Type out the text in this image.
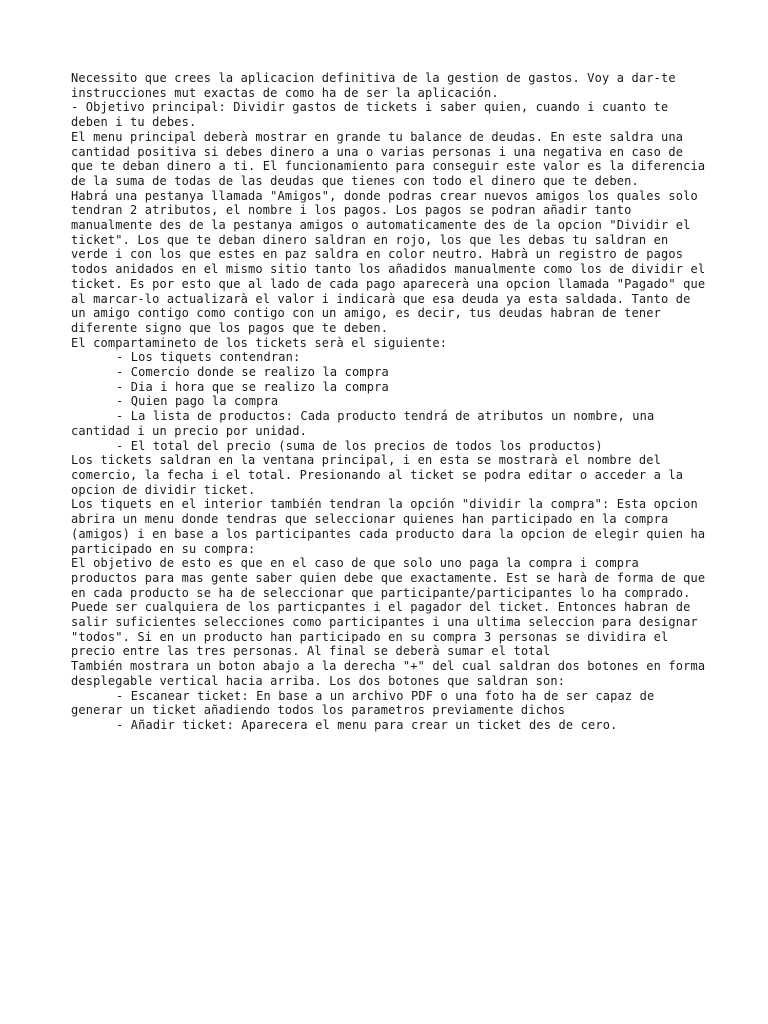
Necessito que crees la aplicacion definitiva de la gestion de gastos. Voy a dar-te instrucciones mut exactas de como ha de ser la aplicación.

- Objetivo principal: Dividir gastos de tickets i saber quien, cuando i cuanto te deben i tu debes.

El menu principal deberà mostrar en grande tu balance de deudas. En este saldra una cantidad positiva si debes dinero a una o varias personas i una negativa en caso de que te deban dinero a ti. El funcionamiento para conseguir este valor es la diferencia de la suma de todas de las deudas que tienes con todo el dinero que te deben.

Habrá una pestanya llamada "Amigos", donde podras crear nuevos amigos los quales solo tendran 2 atributos, el nombre i los pagos. Los pagos se podran añadir tanto manualmente des de la pestanya amigos o automaticamente des de la opcion "Dividir el ticket". Los que te deban dinero saldran en rojo, los que les debas tu saldran en verde i con los que estes en paz saldra en color neutro. Habrà un registro de pagos todos anidados en el mismo sitio tanto los añadidos manualmente como los de dividir el ticket. Es por esto que al lado de cada pago aparecerà una opcion llamada "Pagado" que al marcar-lo actualizarà el valor i indicarà que esa deuda ya esta saldada. Tanto de un amigo contigo como contigo con un amigo, es decir, tus deudas habran de tener diferente signo que los pagos que te deben.

El compartamineto de los tickets serà el siguiente:

- Los tiquets contendran:

- Comercio donde se realizo la compra

- Dia i hora que se realizo la compra

- Quien pago la compra

- La lista de productos: Cada producto tendrá de atributos un nombre, una cantidad i un precio por unidad.

- El total del precio (suma de los precios de todos los productos)

Los tickets saldran en la ventana principal, i en esta se mostrarà el nombre del comercio, la fecha i el total. Presionando al ticket se podra editar o acceder a la opcion de dividir ticket.

Los tiquets en el interior también tendran la opción "dividir la compra": Esta opcion abrira un menu donde tendras que seleccionar quienes han participado en la compra (amigos) i en base a los participantes cada producto dara la opcion de elegir quien ha participado en su compra:

El objetivo de esto es que en el caso de que solo uno paga la compra i compra productos para mas gente saber quien debe que exactamente. Est se harà de forma de que en cada producto se ha de seleccionar que participante/participantes lo ha comprado. Puede ser cualquiera de los particpantes i el pagador del ticket. Entonces habran de salir suficientes selecciones como participantes i una ultima seleccion para designar "todos". Si en un producto han participado en su compra 3 personas se dividira el precio entre las tres personas. Al final se deberà sumar el total

También mostrara un boton abajo a la derecha "+" del cual saldran dos botones en forma desplegable vertical hacia arriba. Los dos botones que saldran son:

- Escanear ticket: En base a un archivo PDF o una foto ha de ser capaz de generar un ticket añadiendo todos los parametros previamente dichos

- Añadir ticket: Aparecera el menu para crear un ticket des de cero.
